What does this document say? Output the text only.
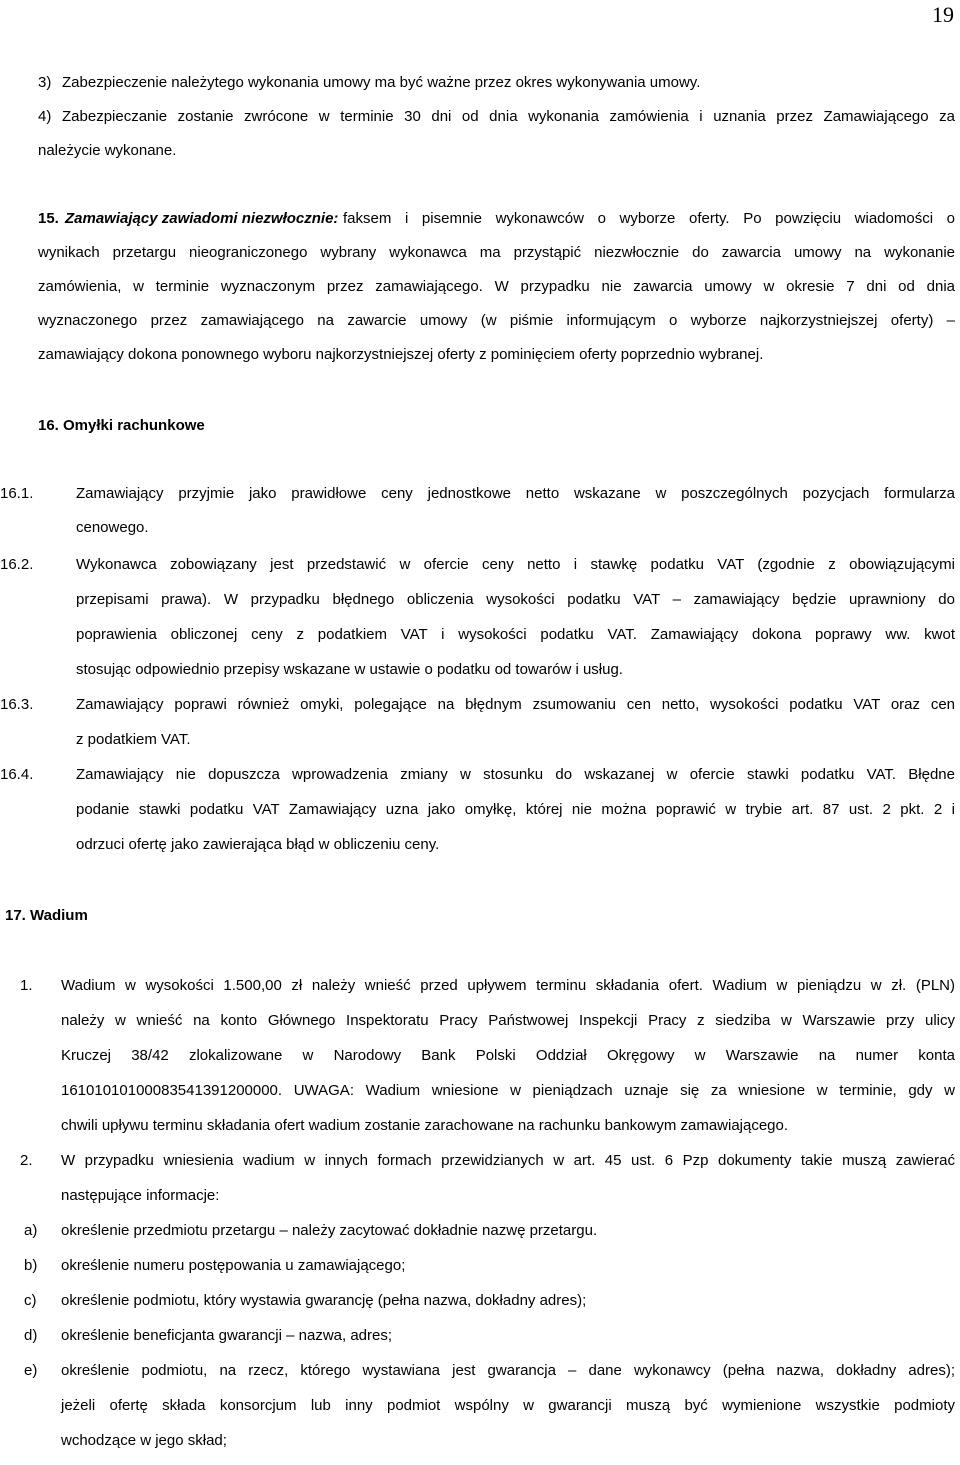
19
3) Zabezpieczenie należytego wykonania umowy ma być ważne przez okres wykonywania umowy.
4) Zabezpieczanie zostanie zwrócone w terminie 30 dni od dnia wykonania zamówienia i uznania przez Zamawiającego za
należycie wykonane.
15. Zamawiający zawiadomi niezwłocznie: faksem i pisemnie wykonawców o wyborze oferty. Po powzięciu wiadomości o
wynikach przetargu nieograniczonego wybrany wykonawca ma przystąpić niezwłocznie do zawarcia umowy na wykonanie
zamówienia, w terminie wyznaczonym przez zamawiającego. W przypadku nie zawarcia umowy w okresie 7 dni od dnia
wyznaczonego przez zamawiającego na zawarcie umowy (w piśmie informującym o wyborze najkorzystniejszej oferty) –
zamawiający dokona ponownego wyboru najkorzystniejszej oferty z pominięciem oferty poprzednio wybranej.
16. Omyłki rachunkowe
16.1.	Zamawiający przyjmie jako prawidłowe ceny jednostkowe netto wskazane w poszczególnych pozycjach formularza
cenowego.
16.2.	Wykonawca zobowiązany jest przedstawić w ofercie ceny netto i stawkę podatku VAT (zgodnie z obowiązującymi
przepisami prawa). W przypadku błędnego obliczenia wysokości podatku VAT – zamawiający będzie uprawniony do
poprawienia obliczonej ceny z podatkiem VAT i wysokości podatku VAT. Zamawiający dokona poprawy ww. kwot
stosując odpowiednio przepisy wskazane w ustawie o podatku od towarów i usług.
16.3.	Zamawiający poprawi również omyki, polegające na błędnym zsumowaniu cen netto, wysokości podatku VAT oraz cen
z podatkiem VAT.
16.4.	Zamawiający nie dopuszcza wprowadzenia zmiany w stosunku do wskazanej w ofercie stawki podatku VAT. Błędne
podanie stawki podatku VAT Zamawiający uzna jako omyłkę, której nie można poprawić w trybie art. 87 ust. 2 pkt. 2 i
odrzuci ofertę jako zawierająca błąd w obliczeniu ceny.
17. Wadium
1. Wadium w wysokości 1.500,00 zł należy wnieść przed upływem terminu składania ofert. Wadium w pieniądzu w zł. (PLN)
należy w wnieść na konto Głównego Inspektoratu Pracy Państwowej Inspekcji Pracy z siedziba w Warszawie przy ulicy
Kruczej 38/42 zlokalizowane w Narodowy Bank Polski Oddział Okręgowy w Warszawie na numer konta
16101010100083541391200000. UWAGA: Wadium wniesione w pieniądzach uznaje się za wniesione w terminie, gdy w
chwili upływu terminu składania ofert wadium zostanie zarachowane na rachunku bankowym zamawiającego.
2. W przypadku wniesienia wadium w innych formach przewidzianych w art. 45 ust. 6 Pzp dokumenty takie muszą zawierać
następujące informacje:
a) określenie przedmiotu przetargu – należy zacytować dokładnie nazwę przetargu.
b) określenie numeru postępowania u zamawiającego;
c) określenie podmiotu, który wystawia gwarancję (pełna nazwa, dokładny adres);
d) określenie beneficjanta gwarancji – nazwa, adres;
e) określenie podmiotu, na rzecz, którego wystawiana jest gwarancja – dane wykonawcy (pełna nazwa, dokładny adres);
jeżeli ofertę składa konsorcjum lub inny podmiot wspólny w gwarancji muszą być wymienione wszystkie podmioty
wchodzące w jego skład;
